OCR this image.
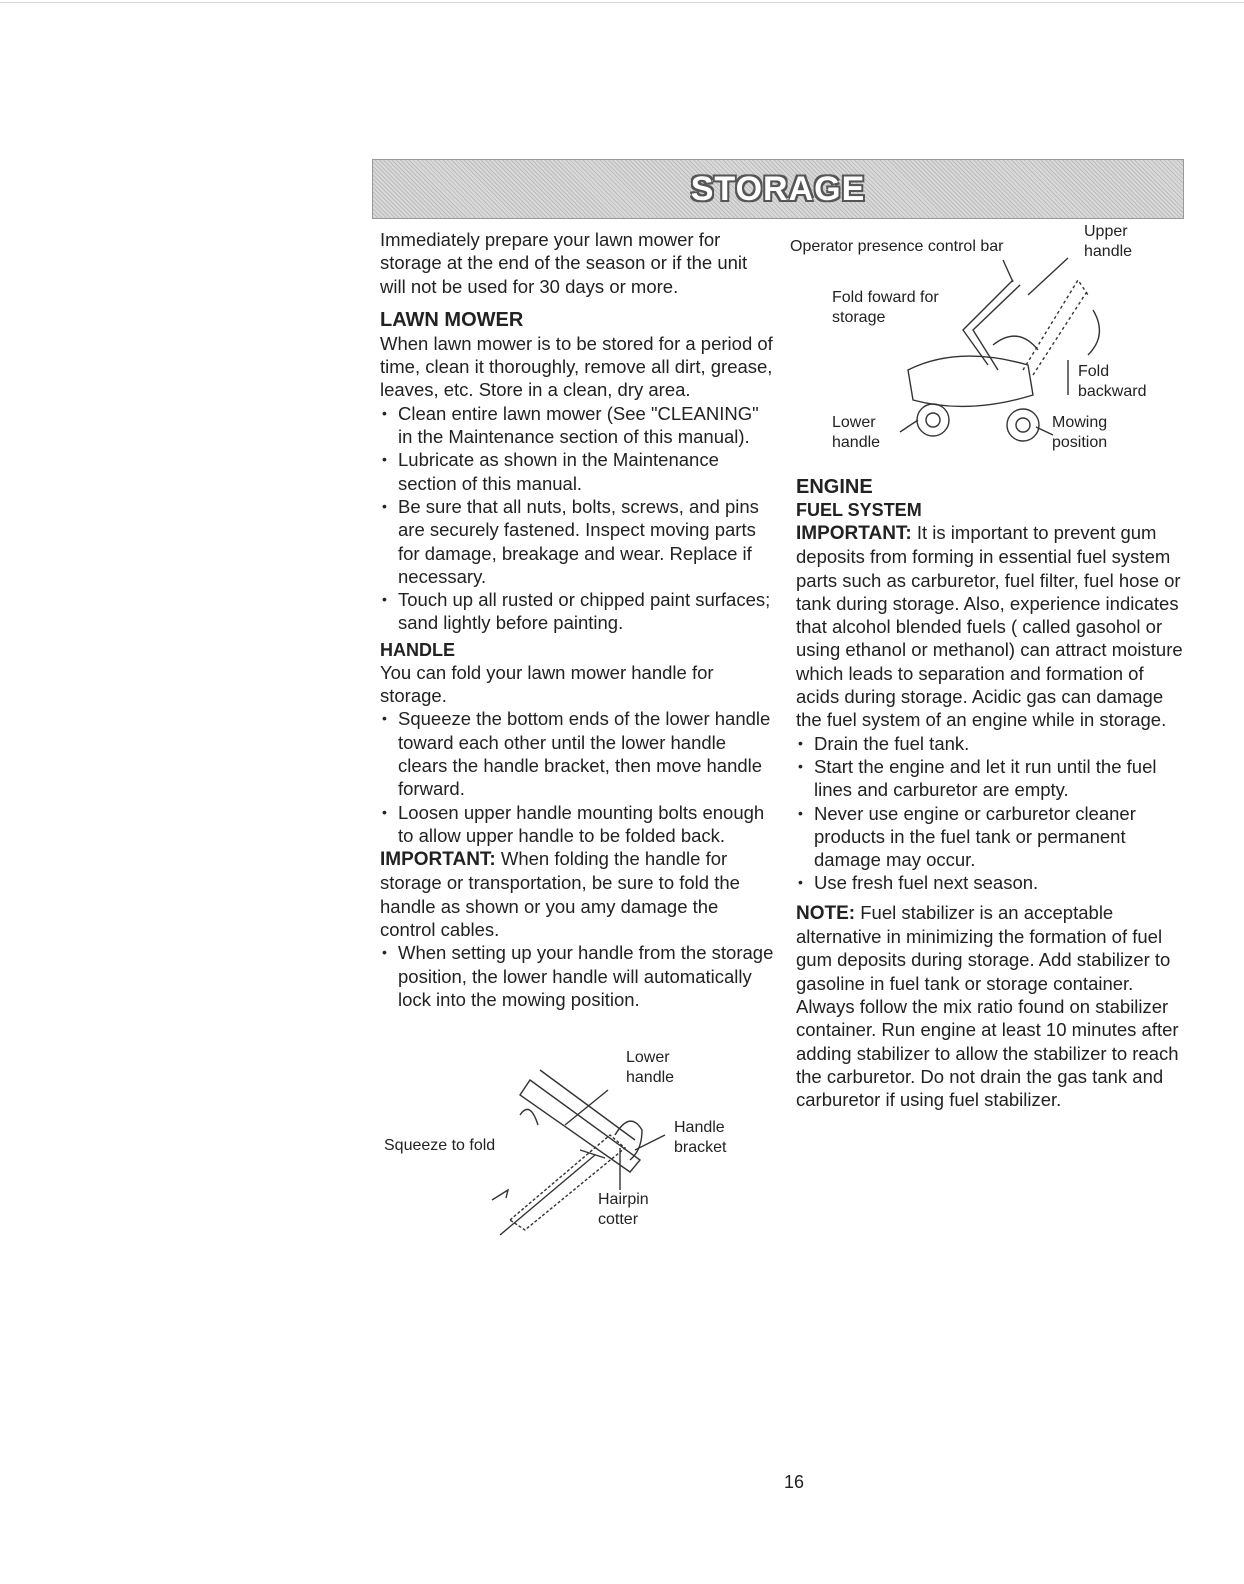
STORAGE

Immediately prepare your lawn mower for storage at the end of the season or if the unit will not be used for 30 days or more.

LAWN MOWER

When lawn mower is to be stored for a period of time, clean it thoroughly, remove all dirt, grease, leaves, etc. Store in a clean, dry area.

• Clean entire lawn mower (See "CLEANING" in the Maintenance section of this manual).
• Lubricate as shown in the Maintenance section of this manual.
• Be sure that all nuts, bolts, screws, and pins are securely fastened. Inspect moving parts for damage, breakage and wear. Replace if necessary.
• Touch up all rusted or chipped paint surfaces; sand lightly before painting.
HANDLE

You can fold your lawn mower handle for storage.

• Squeeze the bottom ends of the lower handle toward each other until the lower handle clears the handle bracket, then move handle forward.
• Loosen upper handle mounting bolts enough to allow upper handle to be folded back.

IMPORTANT: When folding the handle for storage or transportation, be sure to fold the handle as shown or you amy damage the control cables.

• When setting up your handle from the storage position, the lower handle will automatically lock into the mowing position.
Lower handle
Handle bracket
Squeeze to fold
Hairpin cotter
Operator presence control bar
Upper handle
Fold foward for storage
Fold backward
Lower handle
Mowing position
ENGINE
FUEL SYSTEM

IMPORTANT: It is important to prevent gum deposits from forming in essential fuel system parts such as carburetor, fuel filter, fuel hose or tank during storage. Also, experience indicates that alcohol blended fuels ( called gasohol or using ethanol or methanol) can attract moisture which leads to separation and formation of acids during storage. Acidic gas can damage the fuel system of an engine while in storage.

• Drain the fuel tank.
• Start the engine and let it run until the fuel lines and carburetor are empty.
• Never use engine or carburetor cleaner products in the fuel tank or permanent damage may occur.
• Use fresh fuel next season.

NOTE: Fuel stabilizer is an acceptable alternative in minimizing the formation of fuel gum deposits during storage. Add stabilizer to gasoline in fuel tank or storage container. Always follow the mix ratio found on stabilizer container. Run engine at least 10 minutes after adding stabilizer to allow the stabilizer to reach the carburetor. Do not drain the gas tank and carburetor if using fuel stabilizer.

16
